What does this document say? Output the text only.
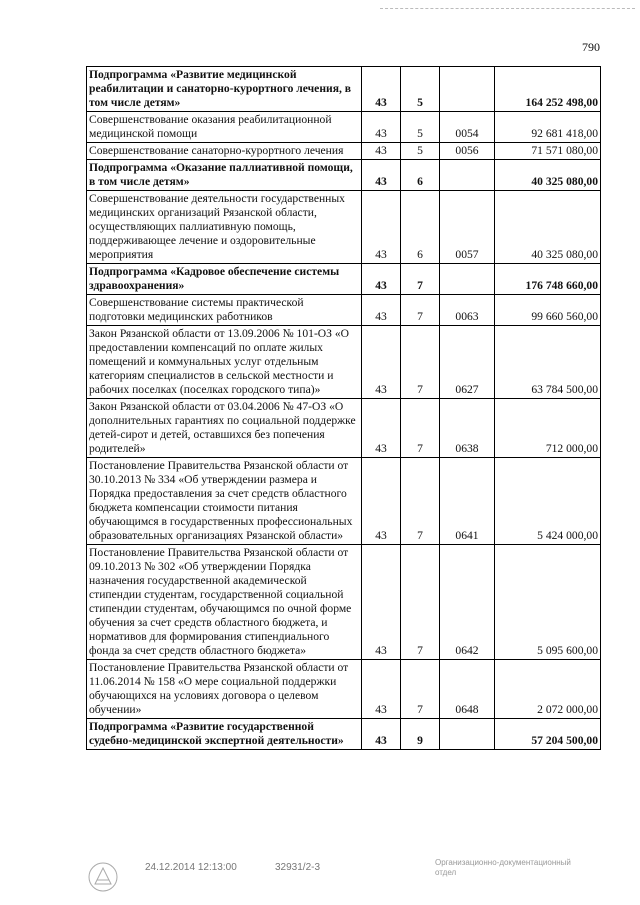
790
Подпрограмма «Развитие медицинской реабилитации и санаторно-курортного лечения, в том числе детям»	43	5		164 252 498,00
Совершенствование оказания реабилитационной медицинской помощи	43	5	0054	92 681 418,00
Совершенствование санаторно-курортного лечения	43	5	0056	71 571 080,00
Подпрограмма «Оказание паллиативной помощи, в том числе детям»	43	6		40 325 080,00
Совершенствование деятельности государственных медицинских организаций Рязанской области, осуществляющих паллиативную помощь, поддерживающее лечение и оздоровительные мероприятия	43	6	0057	40 325 080,00
Подпрограмма «Кадровое обеспечение системы здравоохранения»	43	7		176 748 660,00
Совершенствование системы практической подготовки медицинских работников	43	7	0063	99 660 560,00
Закон Рязанской области от 13.09.2006 № 101-ОЗ «О предоставлении компенсаций по оплате жилых помещений и коммунальных услуг отдельным категориям специалистов в сельской местности и рабочих поселках (поселках городского типа)»	43	7	0627	63 784 500,00
Закон Рязанской области от 03.04.2006 № 47-ОЗ «О дополнительных гарантиях по социальной поддержке детей-сирот и детей, оставшихся без попечения родителей»	43	7	0638	712 000,00
Постановление Правительства Рязанской области от 30.10.2013 № 334 «Об утверждении размера и Порядка предоставления за счет средств областного бюджета компенсации стоимости питания обучающимся в государственных профессиональных образовательных организациях Рязанской области»	43	7	0641	5 424 000,00
Постановление Правительства Рязанской области от 09.10.2013 № 302 «Об утверждении Порядка назначения государственной академической стипендии студентам, государственной социальной стипендии студентам, обучающимся по очной форме обучения за счет средств областного бюджета, и нормативов для формирования стипендиального фонда за счет средств областного бюджета»	43	7	0642	5 095 600,00
Постановление Правительства Рязанской области от 11.06.2014 № 158 «О мере социальной поддержки обучающихся на условиях договора о целевом обучении»	43	7	0648	2 072 000,00
Подпрограмма «Развитие государственной судебно-медицинской экспертной деятельности»	43	9		57 204 500,00
24.12.2014 12:13:00	32931/2-3	Организационно-документационный отдел
